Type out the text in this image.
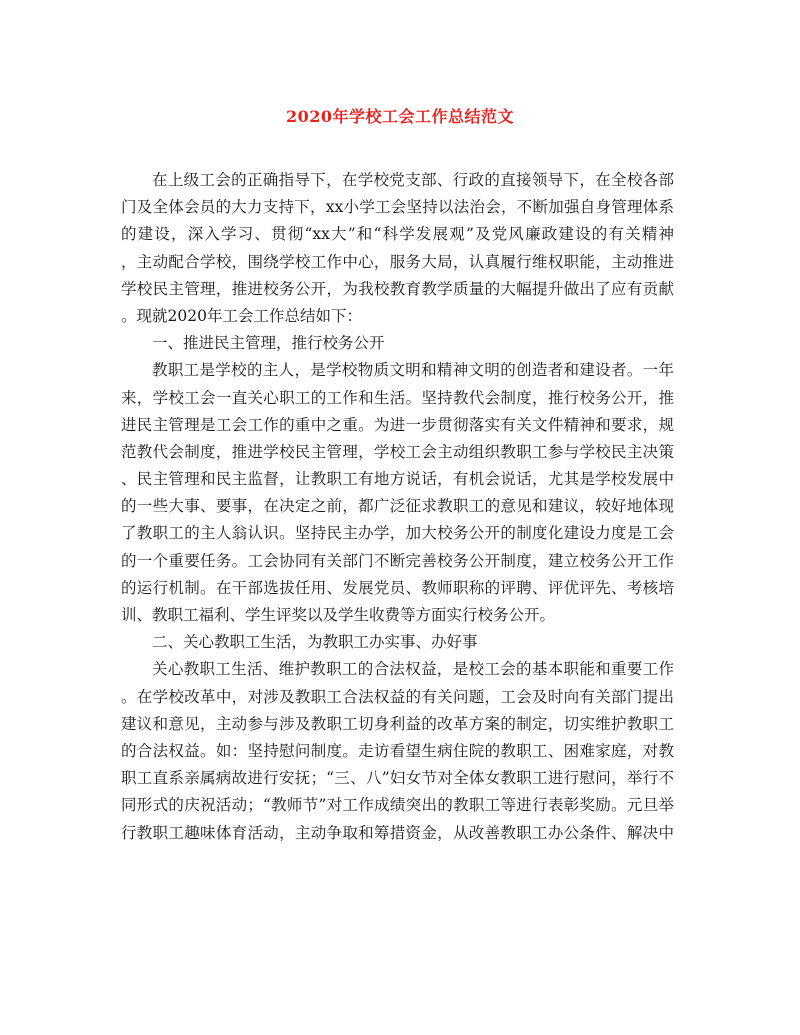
2020年学校工会工作总结范文
在上级工会的正确指导下，在学校党支部、行政的直接领导下，在全校各部
门及全体会员的大力支持下，xx小学工会坚持以法治会，不断加强自身管理体系
的建设，深入学习、贯彻“xx大”和“科学发展观”及党风廉政建设的有关精神
，主动配合学校，围绕学校工作中心，服务大局，认真履行维权职能，主动推进
学校民主管理，推进校务公开，为我校教育教学质量的大幅提升做出了应有贡献
。现就2020年工会工作总结如下：
一、推进民主管理，推行校务公开
教职工是学校的主人，是学校物质文明和精神文明的创造者和建设者。一年
来，学校工会一直关心职工的工作和生活。坚持教代会制度，推行校务公开，推
进民主管理是工会工作的重中之重。为进一步贯彻落实有关文件精神和要求，规
范教代会制度，推进学校民主管理，学校工会主动组织教职工参与学校民主决策
、民主管理和民主监督，让教职工有地方说话，有机会说话，尤其是学校发展中
的一些大事、要事，在决定之前，都广泛征求教职工的意见和建议，较好地体现
了教职工的主人翁认识。坚持民主办学，加大校务公开的制度化建设力度是工会
的一个重要任务。工会协同有关部门不断完善校务公开制度，建立校务公开工作
的运行机制。在干部选拔任用、发展党员、教师职称的评聘、评优评先、考核培
训、教职工福利、学生评奖以及学生收费等方面实行校务公开。
二、关心教职工生活，为教职工办实事、办好事
关心教职工生活、维护教职工的合法权益，是校工会的基本职能和重要工作
。在学校改革中，对涉及教职工合法权益的有关问题，工会及时向有关部门提出
建议和意见，主动参与涉及教职工切身利益的改革方案的制定，切实维护教职工
的合法权益。如：坚持慰问制度。走访看望生病住院的教职工、困难家庭，对教
职工直系亲属病故进行安抚；“三、八”妇女节对全体女教职工进行慰问，举行不
同形式的庆祝活动；“教师节”对工作成绩突出的教职工等进行表彰奖励。元旦举
行教职工趣味体育活动，主动争取和筹措资金，从改善教职工办公条件、解决中
